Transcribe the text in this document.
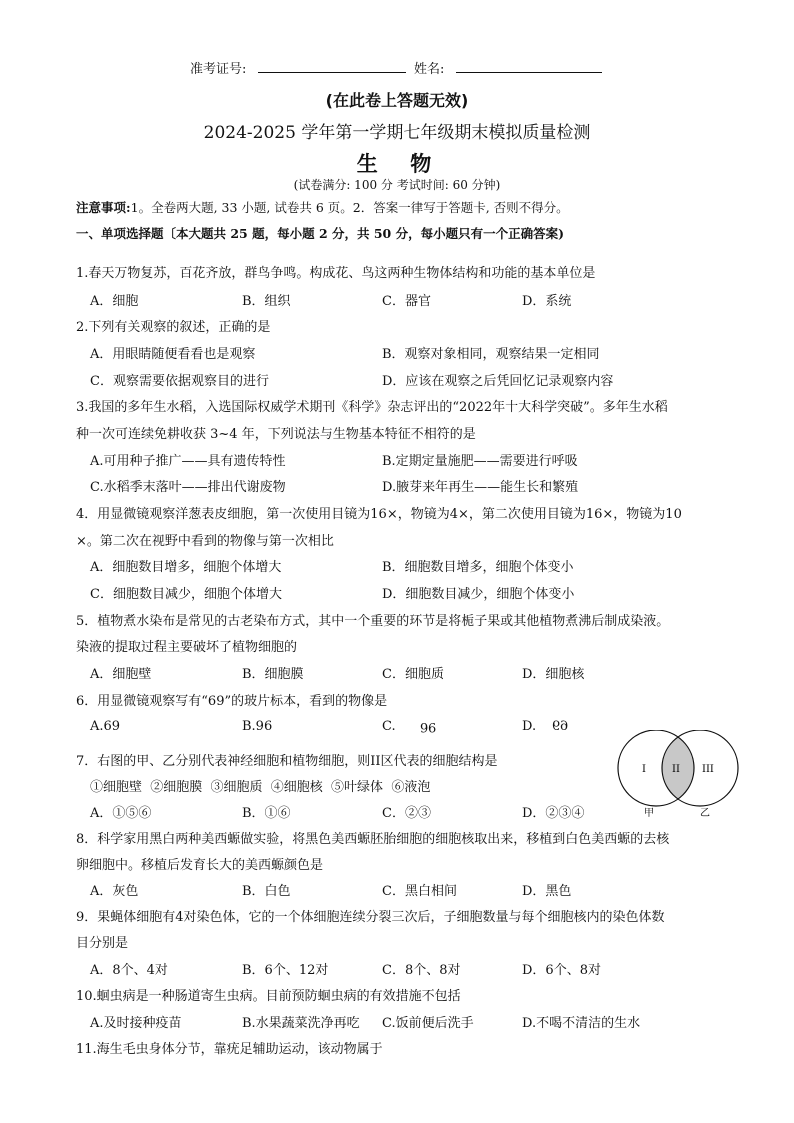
准考证号:	姓名:
(在此卷上答题无效)
2024-2025 学年第一学期七年级期末模拟质量检测
生  物
(试卷满分: 100 分 考试时间: 60 分钟)
注意事项:1。全卷两大题, 33 小题, 试卷共 6 页。2．答案一律写于答题卡, 否则不得分。
一、单项选择题〔本大题共 25 题，每小题 2 分，共 50 分，每小题只有一个正确答案)
1.春天万物复苏，百花齐放，群鸟争鸣。构成花、鸟这两种生物体结构和功能的基本单位是
A．细胞	B．组织	C．器官	D．系统
2.下列有关观察的叙述，正确的是
A．用眼睛随便看看也是观察	B．观察对象相同，观察结果一定相同
C．观察需要依据观察目的进行	D．应该在观察之后凭回忆记录观察内容
3.我国的多年生水稻，入选国际权威学术期刊《科学》杂志评出的“2022年十大科学突破”。多年生水稻
种一次可连续免耕收获 3~4 年，下列说法与生物基本特征不相符的是
A.可用种子推广——具有遗传特性	B.定期定量施肥——需要进行呼吸
C.水稻季末落叶——排出代谢废物	D.腋芽来年再生——能生长和繁殖
4．用显微镜观察洋葱表皮细胞，第一次使用目镜为16×，物镜为4×，第二次使用目镜为16×，物镜为10
×。第二次在视野中看到的物像与第一次相比
A．细胞数目增多，细胞个体增大	B．细胞数目增多，细胞个体变小
C．细胞数目减少，细胞个体增大	D．细胞数目减少，细胞个体变小
5．植物煮水染布是常见的古老染布方式，其中一个重要的环节是将栀子果或其他植物煮沸后制成染液。
染液的提取过程主要破坏了植物细胞的
A．细胞壁	B．细胞膜	C．细胞质	D．细胞核
6．用显微镜观察写有“69”的玻片标本，看到的物像是
A.69	B.96	C. 69	D. 96
7．右图的甲、乙分别代表神经细胞和植物细胞，则II区代表的细胞结构是
①细胞壁  ②细胞膜  ③细胞质  ④细胞核  ⑤叶绿体  ⑥液泡
A．①⑤⑥	B．①⑥	C．②③	D．②③④
I	II III
甲	乙
8．科学家用黑白两种美西螈做实验，将黑色美西螈胚胎细胞的细胞核取出来，移植到白色美西螈的去核
卵细胞中。移植后发育长大的美西螈颜色是
A．灰色	B．白色	C．黑白相间	D．黑色
9．果蝇体细胞有4对染色体，它的一个体细胞连续分裂三次后，子细胞数量与每个细胞核内的染色体数
目分别是
A．8个、4对	B．6个、12对	C．8个、8对	D．6个、8对
10.蛔虫病是一种肠道寄生虫病。目前预防蛔虫病的有效措施不包括
A.及时接种疫苗	B.水果蔬菜洗净再吃 C.饭前便后洗手	D.不喝不清洁的生水
11.海生毛虫身体分节，靠疣足辅助运动，该动物属于
